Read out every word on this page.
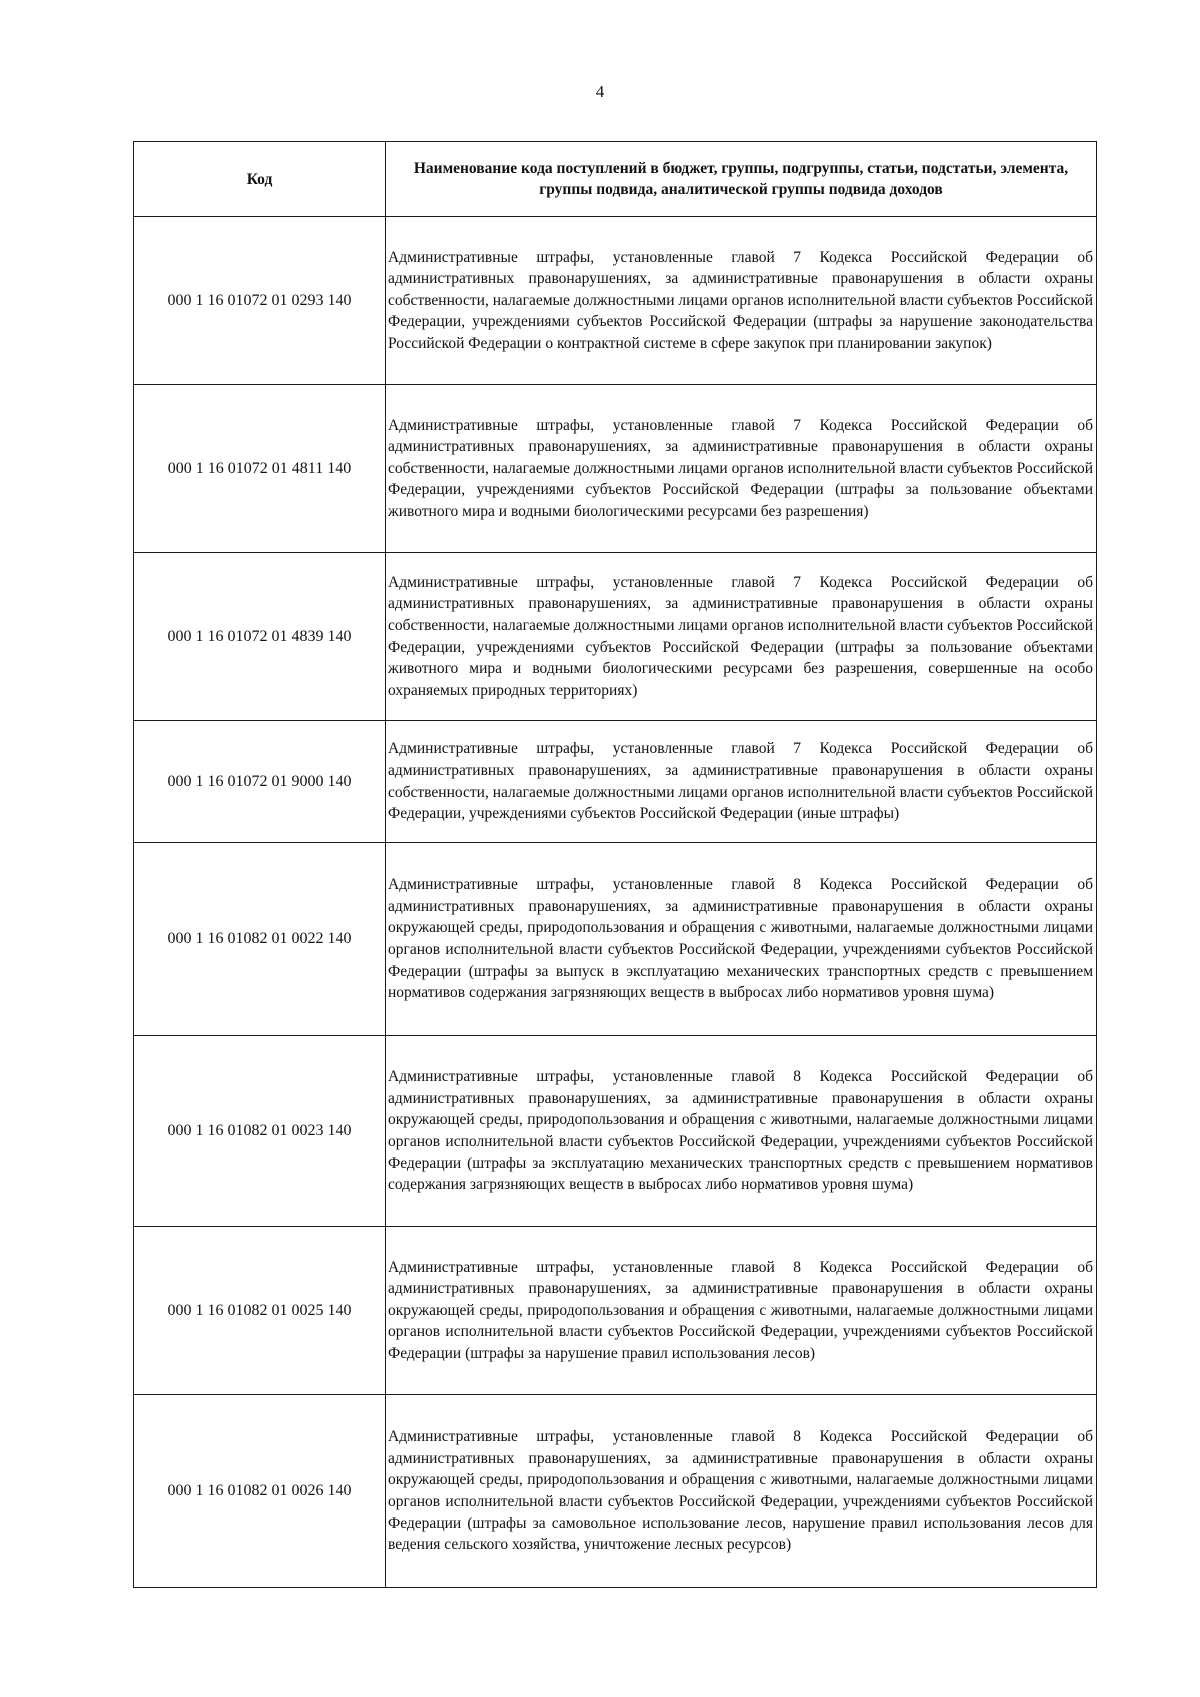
4
Код	Наименование кода поступлений в бюджет, группы, подгруппы, статьи, подстатьи, элемента, группы подвида, аналитической группы подвида доходов
000 1 16 01072 01 0293 140	Административные штрафы, установленные главой 7 Кодекса Российской Федерации об административных правонарушениях, за административные правонарушения в области охраны собственности, налагаемые должностными лицами органов исполнительной власти субъектов Российской Федерации, учреждениями субъектов Российской Федерации (штрафы за нарушение законодательства Российской Федерации о контрактной системе в сфере закупок при планировании закупок)
000 1 16 01072 01 4811 140	Административные штрафы, установленные главой 7 Кодекса Российской Федерации об административных правонарушениях, за административные правонарушения в области охраны собственности, налагаемые должностными лицами органов исполнительной власти субъектов Российской Федерации, учреждениями субъектов Российской Федерации (штрафы за пользование объектами животного мира и водными биологическими ресурсами без разрешения)
000 1 16 01072 01 4839 140	Административные штрафы, установленные главой 7 Кодекса Российской Федерации об административных правонарушениях, за административные правонарушения в области охраны собственности, налагаемые должностными лицами органов исполнительной власти субъектов Российской Федерации, учреждениями субъектов Российской Федерации (штрафы за пользование объектами животного мира и водными биологическими ресурсами без разрешения, совершенные на особо охраняемых природных территориях)
000 1 16 01072 01 9000 140	Административные штрафы, установленные главой 7 Кодекса Российской Федерации об административных правонарушениях, за административные правонарушения в области охраны собственности, налагаемые должностными лицами органов исполнительной власти субъектов Российской Федерации, учреждениями субъектов Российской Федерации (иные штрафы)
000 1 16 01082 01 0022 140	Административные штрафы, установленные главой 8 Кодекса Российской Федерации об административных правонарушениях, за административные правонарушения в области охраны окружающей среды, природопользования и обращения с животными, налагаемые должностными лицами органов исполнительной власти субъектов Российской Федерации, учреждениями субъектов Российской Федерации (штрафы за выпуск в эксплуатацию механических транспортных средств с превышением нормативов содержания загрязняющих веществ в выбросах либо нормативов уровня шума)
000 1 16 01082 01 0023 140	Административные штрафы, установленные главой 8 Кодекса Российской Федерации об административных правонарушениях, за административные правонарушения в области охраны окружающей среды, природопользования и обращения с животными, налагаемые должностными лицами органов исполнительной власти субъектов Российской Федерации, учреждениями субъектов Российской Федерации (штрафы за эксплуатацию механических транспортных средств с превышением нормативов содержания загрязняющих веществ в выбросах либо нормативов уровня шума)
000 1 16 01082 01 0025 140	Административные штрафы, установленные главой 8 Кодекса Российской Федерации об административных правонарушениях, за административные правонарушения в области охраны окружающей среды, природопользования и обращения с животными, налагаемые должностными лицами органов исполнительной власти субъектов Российской Федерации, учреждениями субъектов Российской Федерации (штрафы за нарушение правил использования лесов)
000 1 16 01082 01 0026 140	Административные штрафы, установленные главой 8 Кодекса Российской Федерации об административных правонарушениях, за административные правонарушения в области охраны окружающей среды, природопользования и обращения с животными, налагаемые должностными лицами органов исполнительной власти субъектов Российской Федерации, учреждениями субъектов Российской Федерации (штрафы за самовольное использование лесов, нарушение правил использования лесов для ведения сельского хозяйства, уничтожение лесных ресурсов)
